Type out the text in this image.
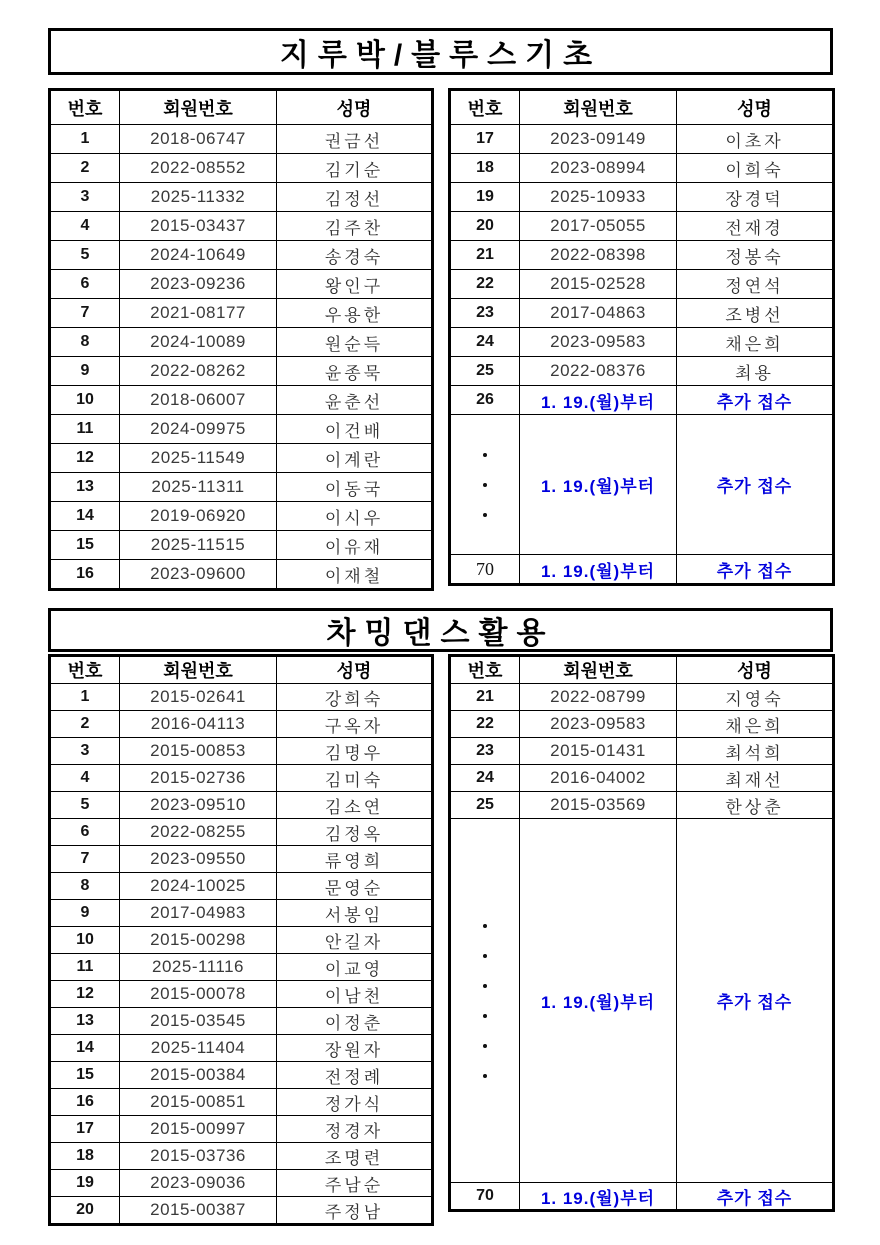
지루박/블루스기초
번호	회원번호	성명
1	2018-06747	권금선
2	2022-08552	김기순
3	2025-11332	김정선
4	2015-03437	김주찬
5	2024-10649	송경숙
6	2023-09236	왕인구
7	2021-08177	우용한
8	2024-10089	원순득
9	2022-08262	윤종묵
10	2018-06007	윤춘선
11	2024-09975	이건배
12	2025-11549	이계란
13	2025-11311	이동국
14	2019-06920	이시우
15	2025-11515	이유재
16	2023-09600	이재철
번호	회원번호	성명
17	2023-09149	이초자
18	2023-08994	이희숙
19	2025-10933	장경덕
20	2017-05055	전재경
21	2022-08398	정봉숙
22	2015-02528	정연석
23	2017-04863	조병선
24	2023-09583	채은희
25	2022-08376	최용
26	1. 19.(월)부터	추가 접수

	1. 19.(월)부터	추가 접수
70	1. 19.(월)부터	추가 접수
차밍댄스활용
번호	회원번호	성명
1	2015-02641	강희숙
2	2016-04113	구옥자
3	2015-00853	김명우
4	2015-02736	김미숙
5	2023-09510	김소연
6	2022-08255	김정옥
7	2023-09550	류영희
8	2024-10025	문영순
9	2017-04983	서봉임
10	2015-00298	안길자
11	2025-11116	이교영
12	2015-00078	이남천
13	2015-03545	이정춘
14	2025-11404	장원자
15	2015-00384	전정례
16	2015-00851	정가식
17	2015-00997	정경자
18	2015-03736	조명련
19	2023-09036	주남순
20	2015-00387	주정남
번호	회원번호	성명
21	2022-08799	지영숙
22	2023-09583	채은희
23	2015-01431	최석희
24	2016-04002	최재선
25	2015-03569	한상춘

	1. 19.(월)부터	추가 접수
70	1. 19.(월)부터	추가 접수
